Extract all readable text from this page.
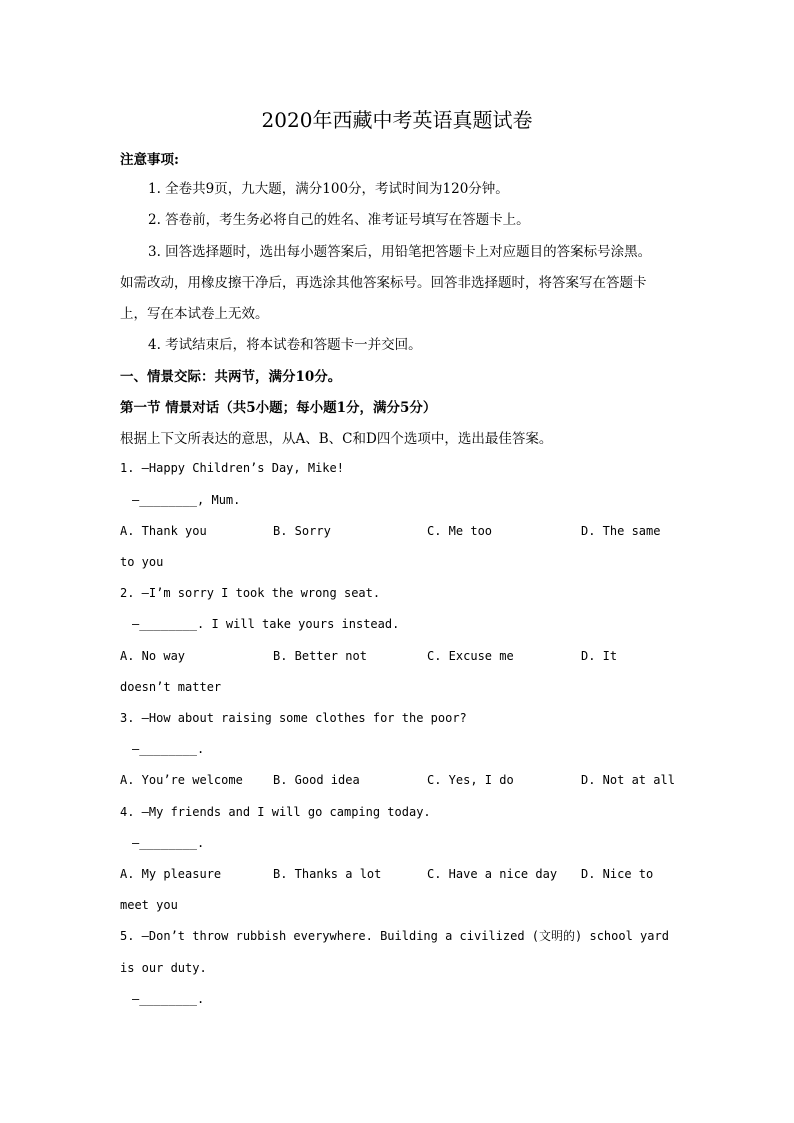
2020年西藏中考英语真题试卷
注意事项:
1. 全卷共9页，九大题，满分100分，考试时间为120分钟。
2. 答卷前，考生务必将自己的姓名、准考证号填写在答题卡上。
3. 回答选择题时，选出每小题答案后，用铅笔把答题卡上对应题目的答案标号涂黑。
如需改动，用橡皮擦干净后，再选涂其他答案标号。回答非选择题时，将答案写在答题卡
上，写在本试卷上无效。
4. 考试结束后，将本试卷和答题卡一并交回。
一、情景交际：共两节，满分10分。
第一节 情景对话（共5小题；每小题1分，满分5分）
根据上下文所表达的意思，从A、B、C和D四个选项中，选出最佳答案。
1. —Happy Children’s Day, Mike!
—________, Mum.
A. Thank you	B. Sorry	C. Me too	D. The same
to you
2. —I’m sorry I took the wrong seat.
—________. I will take yours instead.
A. No way	B. Better not	C. Excuse me	D. It
doesn’t matter
3. —How about raising some clothes for the poor?
—________.
A. You’re welcome	B. Good idea	C. Yes, I do	D. Not at all
4. —My friends and I will go camping today.
—________.
A. My pleasure	B. Thanks a lot	C. Have a nice day D. Nice to
meet you
5. —Don’t throw rubbish everywhere. Building a civilized (文明的) school yard
is our duty.
—________.
